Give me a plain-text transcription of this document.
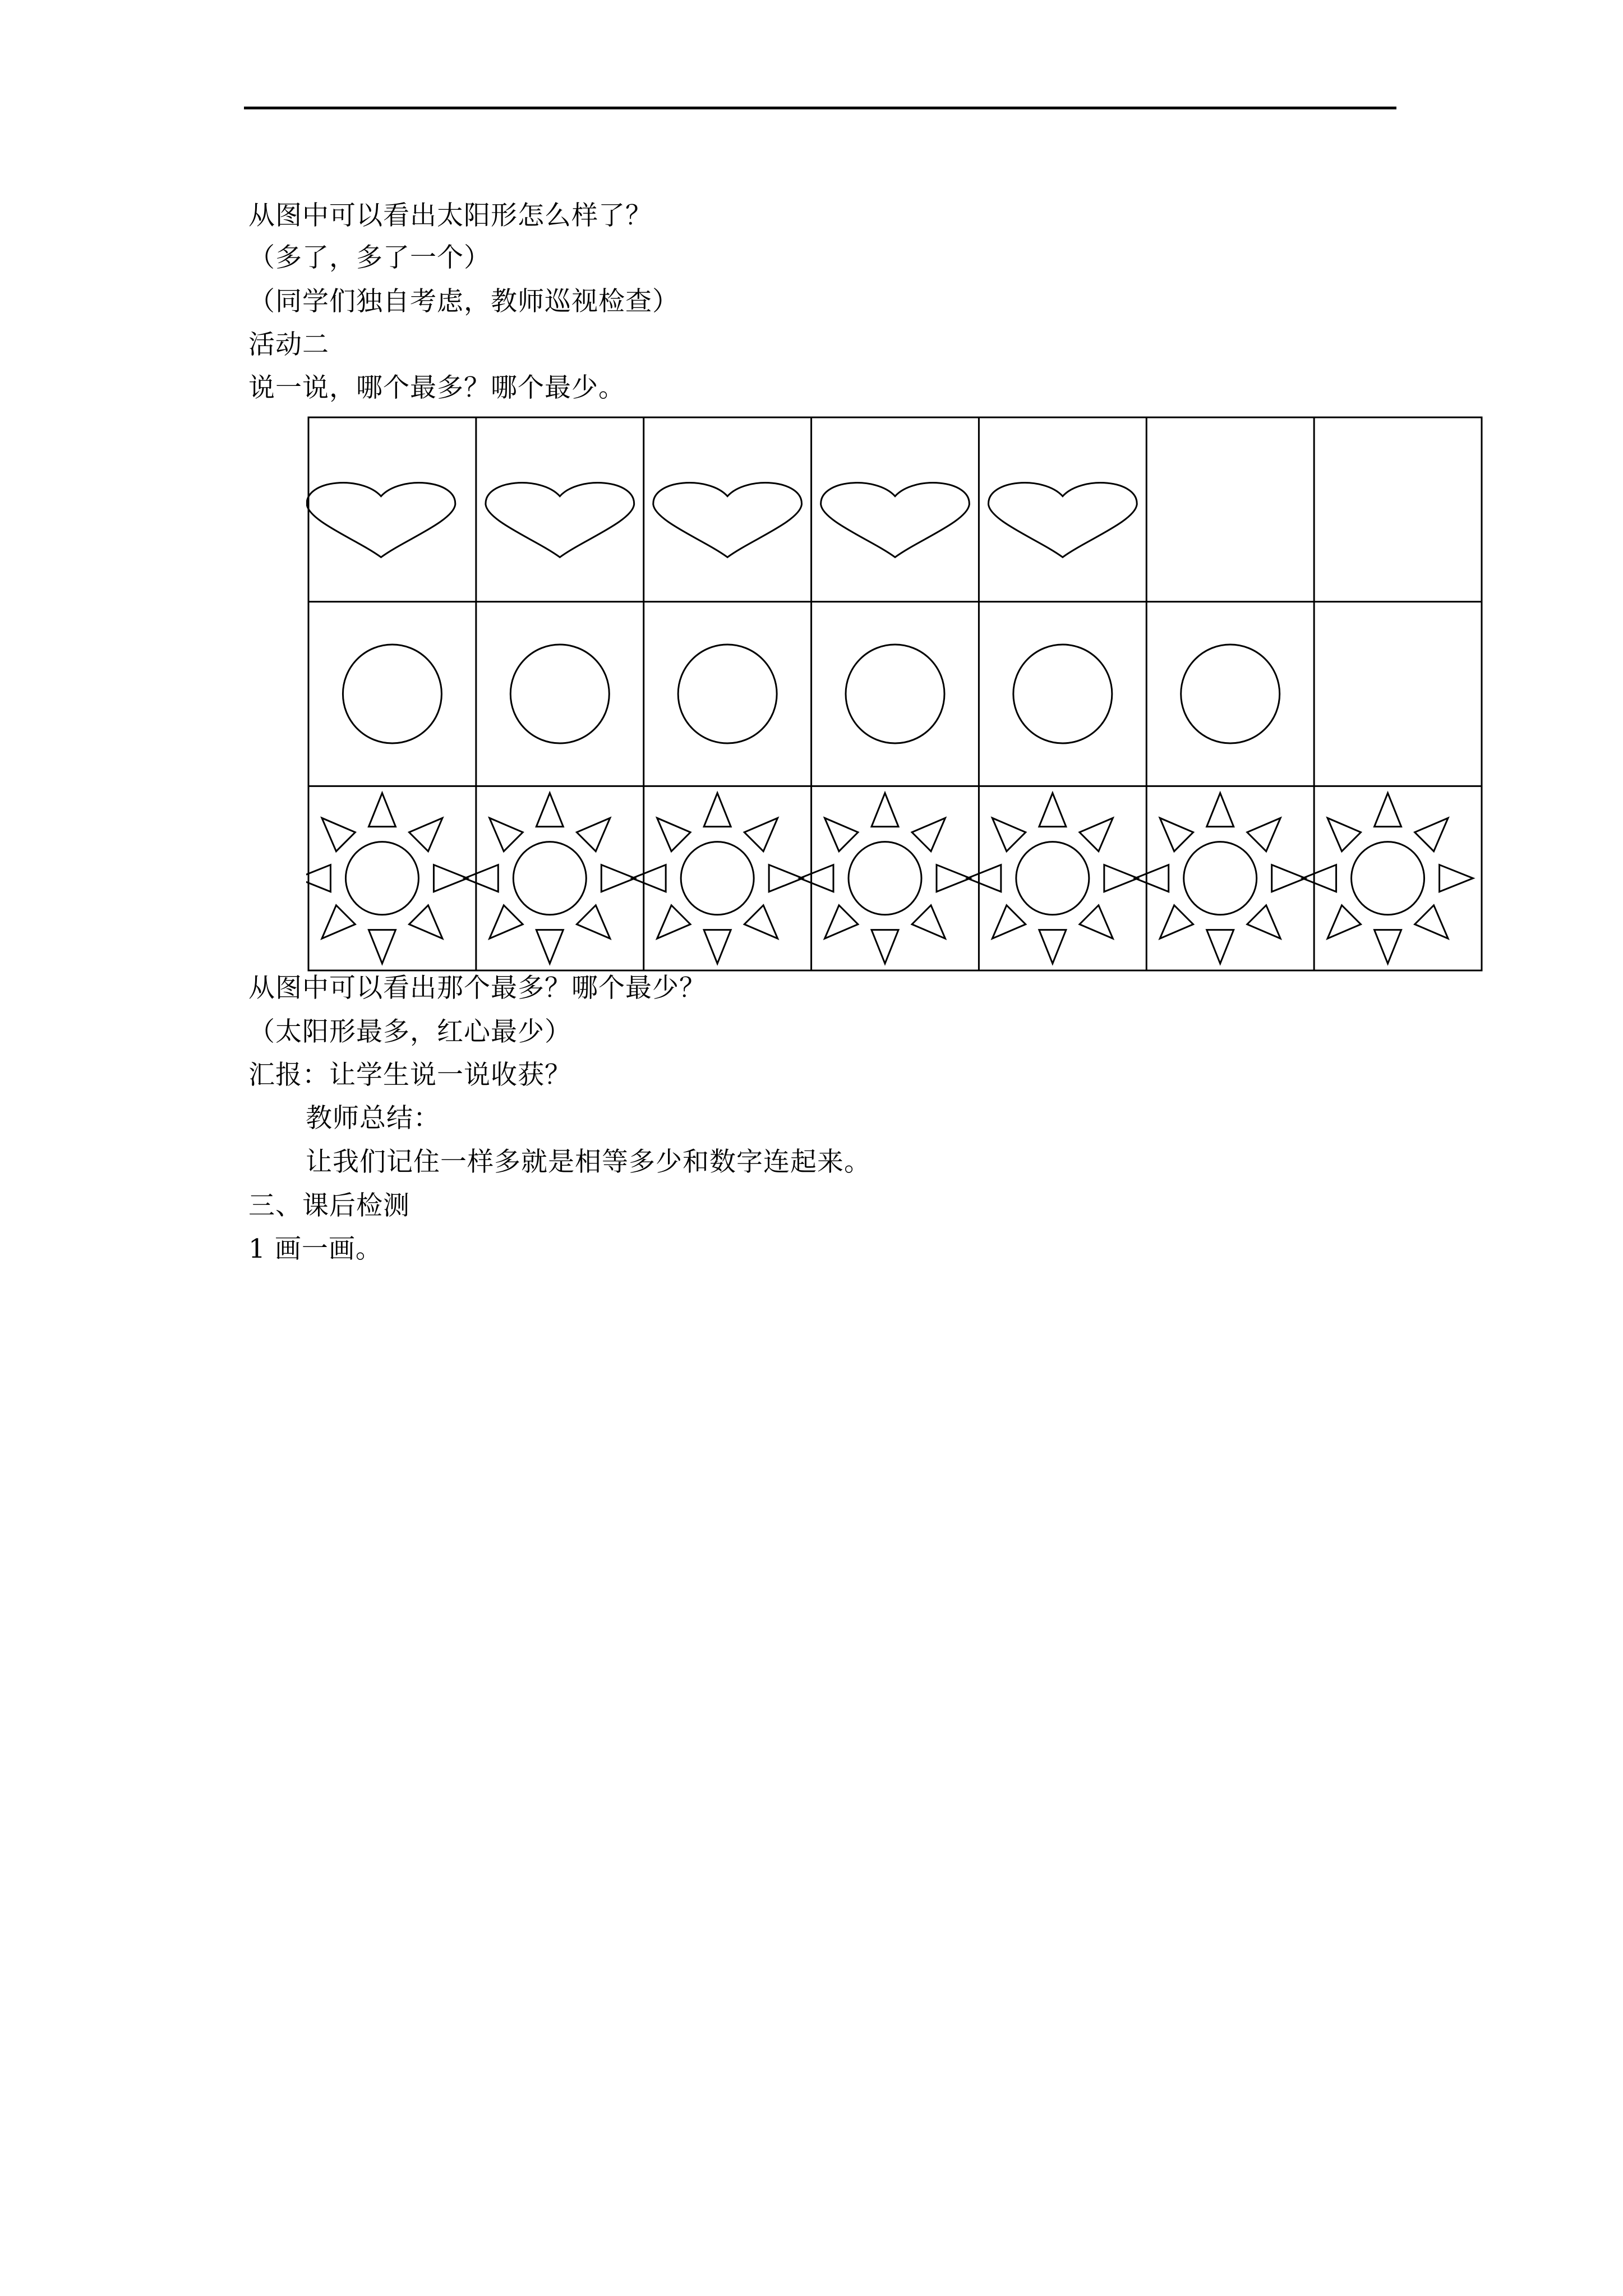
从图中可以看出太阳形怎么样了？
（多了，多了一个）
（同学们独自考虑，教师巡视检查）
活动二
说一说，哪个最多？哪个最少。
从图中可以看出那个最多？哪个最少？
（太阳形最多，红心最少）
汇报：让学生说一说收获？
教师总结：
让我们记住一样多就是相等多少和数字连起来。
三、课后检测
1 画一画。
